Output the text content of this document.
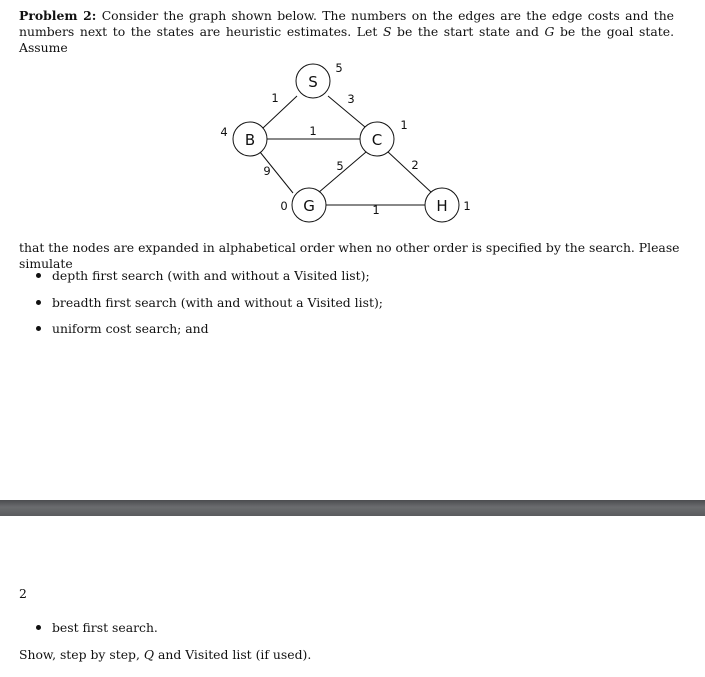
Problem 2: Consider the graph shown below. The numbers on the edges are the edge costs and the numbers next to the states are heuristic estimates. Let S be the start state and G be the goal state. Assume
S
B	C
G	H
5
4	1
0	1
1	3
1
9	5	2
1
that the nodes are expanded in alphabetical order when no other order is specified by the search. Please simulate
depth first search (with and without a Visited list);
breadth first search (with and without a Visited list);
uniform cost search; and
2
best first search.
Show, step by step, Q and Visited list (if used).
